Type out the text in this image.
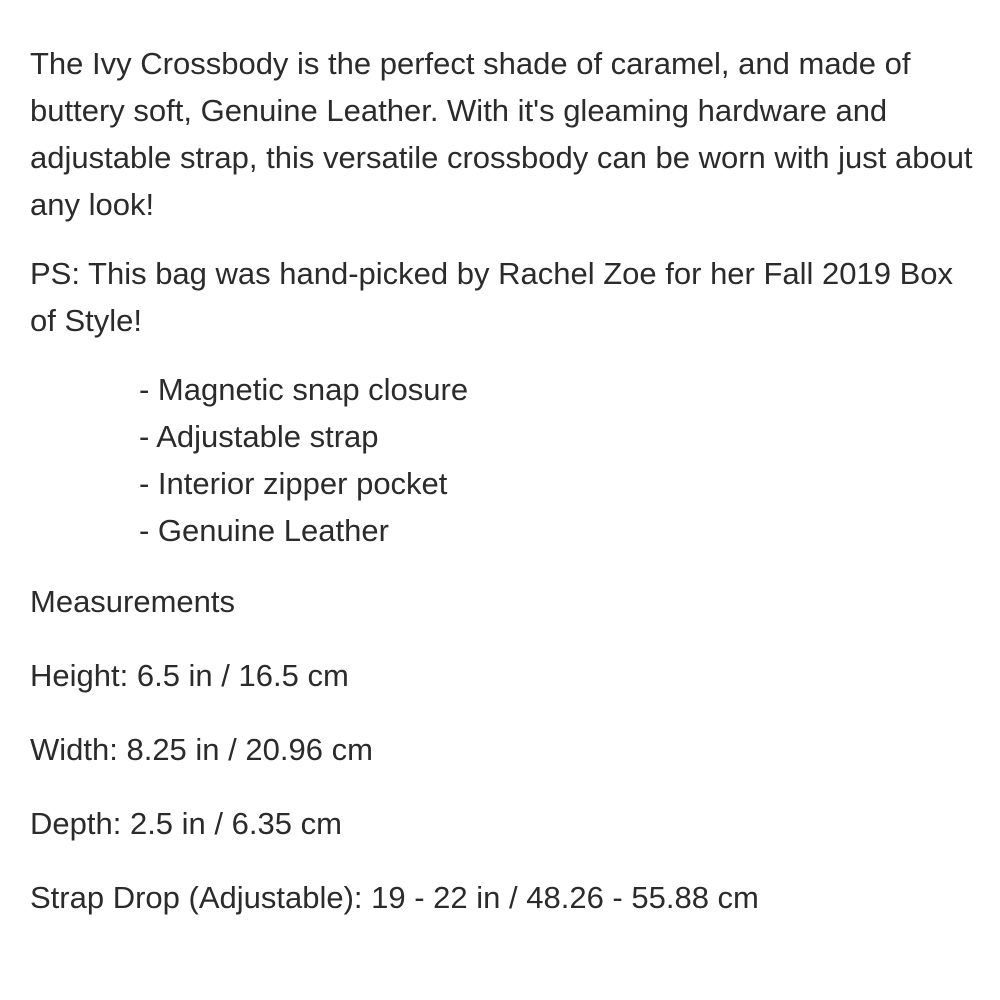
The Ivy Crossbody is the perfect shade of caramel, and made of buttery soft, Genuine Leather. With it's gleaming hardware and adjustable strap, this versatile crossbody can be worn with just about any look!

PS: This bag was hand-picked by Rachel Zoe for her Fall 2019 Box of Style!

- Magnetic snap closure
- Adjustable strap
- Interior zipper pocket
- Genuine Leather

Measurements

Height: 6.5 in / 16.5 cm

Width: 8.25 in / 20.96 cm

Depth: 2.5 in / 6.35 cm

Strap Drop (Adjustable): 19 - 22 in / 48.26 - 55.88 cm
